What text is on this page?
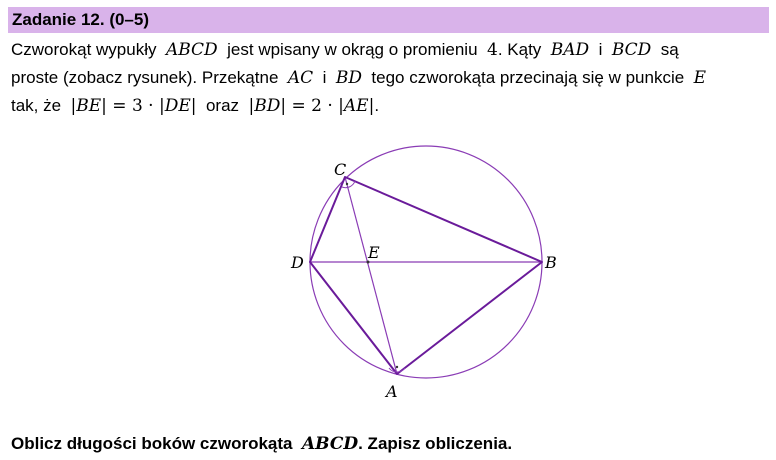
Zadanie 12. (0–5)
Czworokąt wypukły ABCD jest wpisany w okrąg o promieniu 4. Kąty BAD i BCD są
proste (zobacz rysunek). Przekątne AC i BD tego czworokąta przecinają się w punkcie E
tak, że |BE| = 3 · |DE| oraz |BD| = 2 · |AE|.
C
B
D
E
A
Oblicz długości boków czworokąta ABCD. Zapisz obliczenia.
